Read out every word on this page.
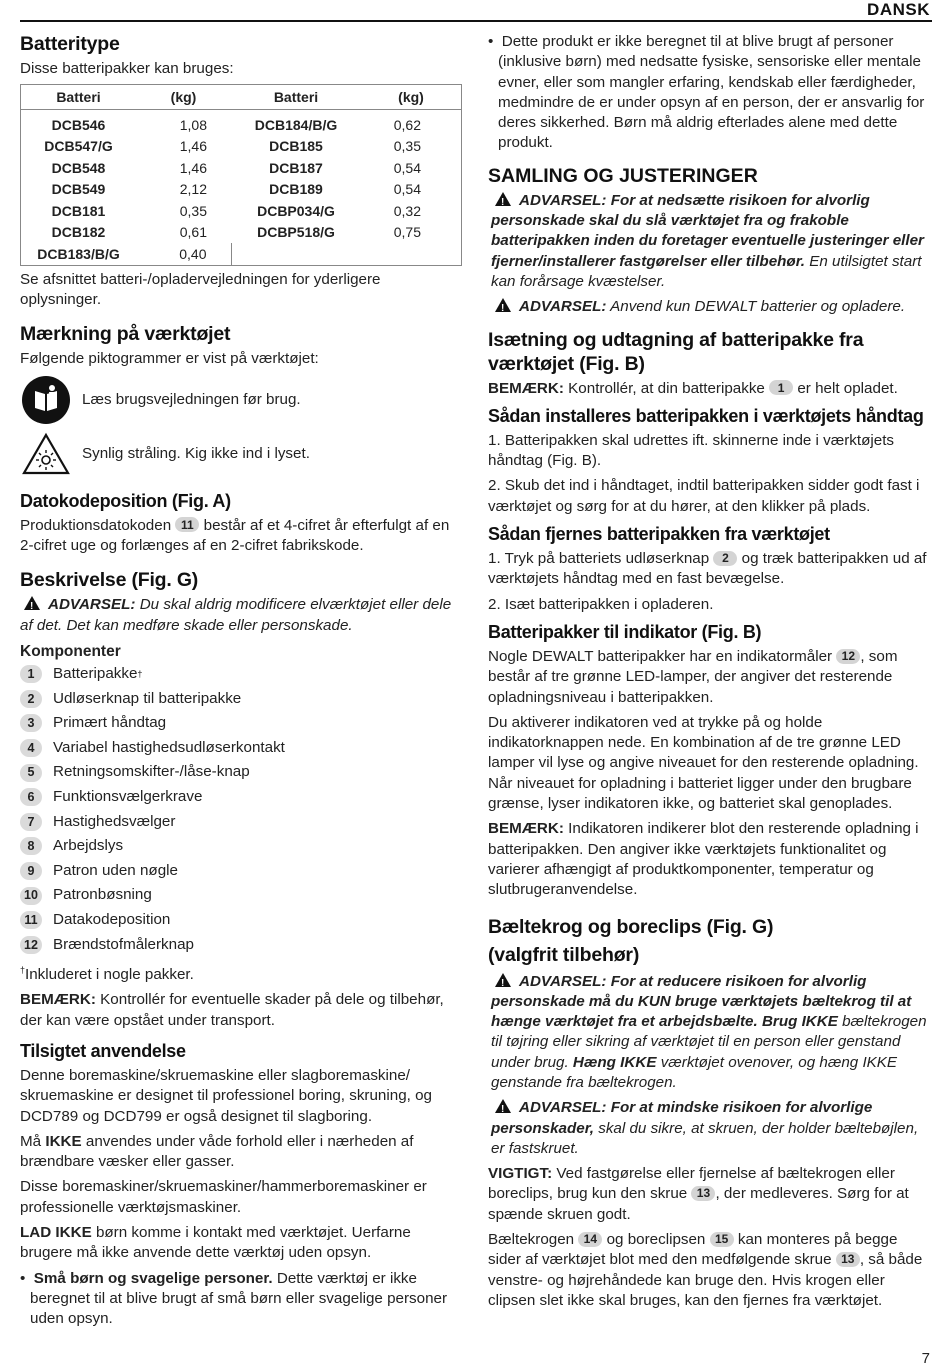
DANSK
Batteritype

Disse batteripakker kan bruges:

Batteri	(kg)	Batteri	(kg)
DCB546	1,08	DCB184/B/G	0,62
DCB547/G	1,46	DCB185	0,35
DCB548	1,46	DCB187	0,54
DCB549	2,12	DCB189	0,54
DCB181	0,35	DCBP034/G	0,32
DCB182	0,61	DCBP518/G	0,75
DCB183/B/G	0,40		

Se afsnittet batteri-/opladervejledningen for yderligere oplysninger.

Mærkning på værktøjet

Følgende piktogrammer er vist på værktøjet:

Læs brugsvejledningen før brug.
Synlig stråling. Kig ikke ind i lyset.
Datokodeposition (Fig. A)

Produktionsdatokoden 11 består af et 4-cifret år efterfulgt af en 2-cifret uge og forlænges af en 2-cifret fabrikskode.

Beskrivelse (Fig. G)

!ADVARSEL: Du skal aldrig modificere elværktøjet eller dele af det. Det kan medføre skade eller personskade.

Komponenter
1	Batteripakke †
2	Udløserknap til batteripakke
3	Primært håndtag
4	Variabel hastighedsudløserkontakt
5	Retningsomskifter-/låse-knap
6	Funktionsvælgerkrave
7	Hastighedsvælger
8	Arbejdslys
9	Patron uden nøgle
10 Patronbøsning
11 Datakodeposition
12 Brændstofmålerknap

†Inkluderet i nogle pakker.

BEMÆRK: Kontrollér for eventuelle skader på dele og tilbehør, der kan være opstået under transport.

Tilsigtet anvendelse

Denne boremaskine/skruemaskine eller slagboremaskine/ skruemaskine er designet til professionel boring, skruning, og DCD789 og DCD799 er også designet til slagboring.

Må IKKE anvendes under våde forhold eller i nærheden af brændbare væsker eller gasser.

Disse boremaskiner/skruemaskiner/hammerboremaskiner er professionelle værktøjsmaskiner.

LAD IKKE børn komme i kontakt med værktøjet. Uerfarne brugere må ikke anvende dette værktøj uden opsyn.

•  Små børn og svagelige personer. Dette værktøj er ikke beregnet til at blive brugt af små børn eller svagelige personer uden opsyn.

•  Dette produkt er ikke beregnet til at blive brugt af personer (inklusive børn) med nedsatte fysiske, sensoriske eller mentale evner, eller som mangler erfaring, kendskab eller færdigheder, medmindre de er under opsyn af en person, der er ansvarlig for deres sikkerhed. Børn må aldrig efterlades alene med dette produkt.

SAMLING OG JUSTERINGER

!ADVARSEL: For at nedsætte risikoen for alvorlig personskade skal du slå værktøjet fra og frakoble batteripakken inden du foretager eventuelle justeringer eller fjerner/installerer fastgørelser eller tilbehør. En utilsigtet start kan forårsage kvæstelser.

!ADVARSEL: Anvend kun DEWALT batterier og opladere.

Isætning og udtagning af batteripakke fra værktøjet (Fig. B)

BEMÆRK: Kontrollér, at din batteripakke 1 er helt opladet.

Sådan installeres batteripakken i værktøjets håndtag

1. Batteripakken skal udrettes ift. skinnerne inde i værktøjets håndtag (Fig. B).

2. Skub det ind i håndtaget, indtil batteripakken sidder godt fast i værktøjet og sørg for at du hører, at den klikker på plads.

Sådan fjernes batteripakken fra værktøjet

1. Tryk på batteriets udløserknap 2 og træk batteripakken ud af værktøjets håndtag med en fast bevægelse.

2. Isæt batteripakken i opladeren.

Batteripakker til indikator (Fig. B)

Nogle DEWALT batteripakker har en indikatormåler 12 , som består af tre grønne LED-lamper, der angiver det resterende opladningsniveau i batteripakken.

Du aktiverer indikatoren ved at trykke på og holde indikatorknappen nede. En kombination af de tre grønne LED lamper vil lyse og angive niveauet for den resterende opladning. Når niveauet for opladning i batteriet ligger under den brugbare grænse, lyser indikatoren ikke, og batteriet skal genoplades.

BEMÆRK: Indikatoren indikerer blot den resterende opladning i batteripakken. Den angiver ikke værktøjets funktionalitet og varierer afhængigt af produktkomponenter, temperatur og slutbrugeranvendelse.

Bæltekrog og boreclips (Fig. G)
(valgfrit tilbehør)

!ADVARSEL: For at reducere risikoen for alvorlig personskade må du KUN bruge værktøjets bæltekrog til at hænge værktøjet fra et arbejdsbælte. Brug IKKE bæltekrogen til tøjring eller sikring af værktøjet til en person eller genstand under brug. Hæng IKKE værktøjet ovenover, og hæng IKKE genstande fra bæltekrogen.

!ADVARSEL: For at mindske risikoen for alvorlige personskader, skal du sikre, at skruen, der holder bæltebøjlen, er fastskruet.

VIGTIGT: Ved fastgørelse eller fjernelse af bæltekrogen eller boreclips, brug kun den skrue 13 , der medleveres. Sørg for at spænde skruen godt.

Bæltekrogen 14 og boreclipsen 15 kan monteres på begge sider af værktøjet blot med den medfølgende skrue 13 , så både venstre- og højrehåndede kan bruge den. Hvis krogen eller clipsen slet ikke skal bruges, kan den fjernes fra værktøjet.

7
